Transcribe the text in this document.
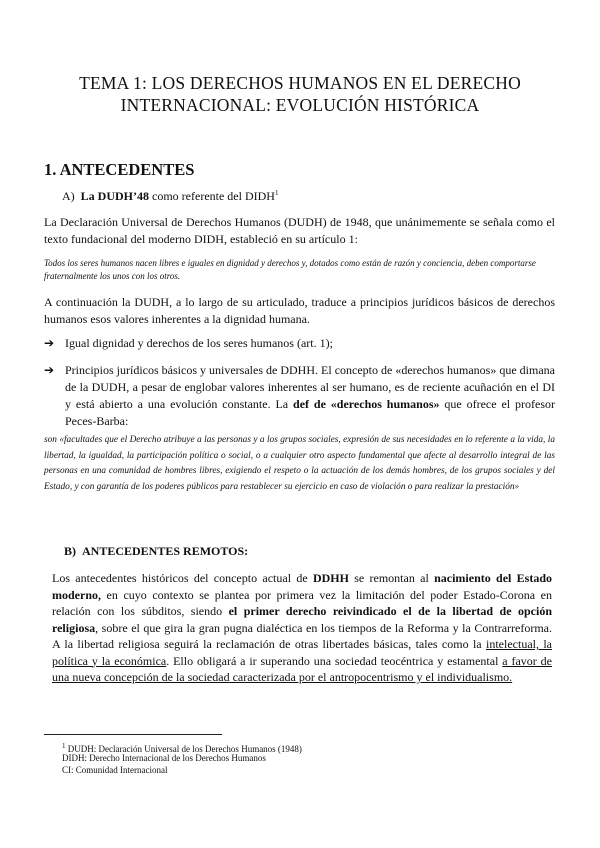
TEMA 1: LOS DERECHOS HUMANOS EN EL DERECHO
INTERNACIONAL: EVOLUCIÓN HISTÓRICA
1. ANTECEDENTES
A) La DUDH’48 como referente del DIDH$^1$
La Declaración Universal de Derechos Humanos (DUDH) de 1948, que unánimemente se señala como el texto fundacional del moderno DIDH, estableció en su artículo 1:
Todos los seres humanos nacen libres e iguales en dignidad y derechos y, dotados como están de razón y conciencia, deben comportarse fraternalmente los unos con los otros.
A continuación la DUDH, a lo largo de su articulado, traduce a principios jurídicos básicos de derechos humanos esos valores inherentes a la dignidad humana.
➔ Igual dignidad y derechos de los seres humanos (art. 1);
➔ Principios jurídicos básicos y universales de DDHH. El concepto de «derechos humanos» que dimana de la DUDH, a pesar de englobar valores inherentes al ser humano, es de reciente acuñación en el DI y está abierto a una evolución constante. La def de «derechos humanos» que ofrece el profesor Peces-Barba:
son «facultades que el Derecho atribuye a las personas y a los grupos sociales, expresión de sus necesidades en lo referente a la vida, la libertad, la igualdad, la participación política o social, o a cualquier otro aspecto fundamental que afecte al desarrollo integral de las personas en una comunidad de hombres libres, exigiendo el respeto o la actuación de los demás hombres, de los grupos sociales y del Estado, y con garantía de los poderes públicos para restablecer su ejercicio en caso de violación o para realizar la prestación»
B) ANTECEDENTES REMOTOS:
Los antecedentes históricos del concepto actual de DDHH se remontan al nacimiento del Estado moderno, en cuyo contexto se plantea por primera vez la limitación del poder Estado-Corona en relación con los súbditos, siendo el primer derecho reivindicado el de la libertad de opción religiosa, sobre el que gira la gran pugna dialéctica en los tiempos de la Reforma y la Contrarreforma. A la libertad religiosa seguirá la reclamación de otras libertades básicas, tales como la intelectual, la política y la económica. Ello obligará a ir superando una sociedad teocéntrica y estamental a favor de una nueva concepción de la sociedad caracterizada por el antropocentrismo y el individualismo.
$^1$ DUDH: Declaración Universal de los Derechos Humanos (1948)
DIDH: Derecho Internacional de los Derechos Humanos
CI: Comunidad Internacional
